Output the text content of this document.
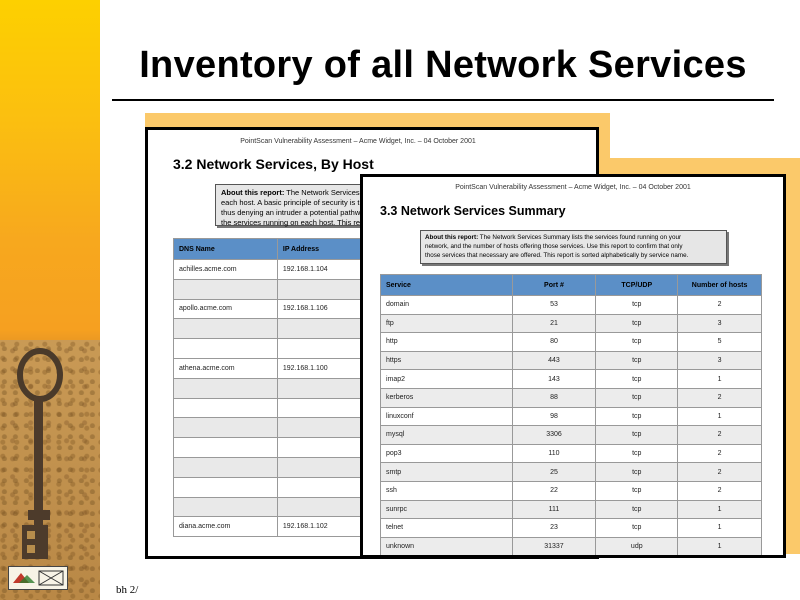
bh 2/
Inventory of all Network Services
PointScan Vulnerability Assessment – Acme Widget, Inc. – 04 October 2001
3.2 Network Services, By Host
About this report: The Network Services
each host. A basic principle of security is t
thus denying an intruder a potential pathw
the services running on each host. This re
DNS Name	IP Address
achilles.acme.com	192.168.1.104

apollo.acme.com	192.168.1.106

athena.acme.com	192.168.1.100

diana.acme.com	192.168.1.102
PointScan Vulnerability Assessment – Acme Widget, Inc. – 04 October 2001
3.3 Network Services Summary
About this report: The Network Services Summary lists the services found running on your
network, and the number of hosts offering those services. Use this report to confirm that only
those services that necessary are offered. This report is sorted alphabetically by service name.
Service	Port #	TCP/UDP	Number of hosts
domain	53	tcp	2
ftp	21	tcp	3
http	80	tcp	5
https	443	tcp	3
imap2	143	tcp	1
kerberos	88	tcp	2
linuxconf	98	tcp	1
mysql	3306	tcp	2
pop3	110	tcp	2
smtp	25	tcp	2
ssh	22	tcp	2
sunrpc	111	tcp	1
telnet	23	tcp	1
unknown	31337	udp	1
